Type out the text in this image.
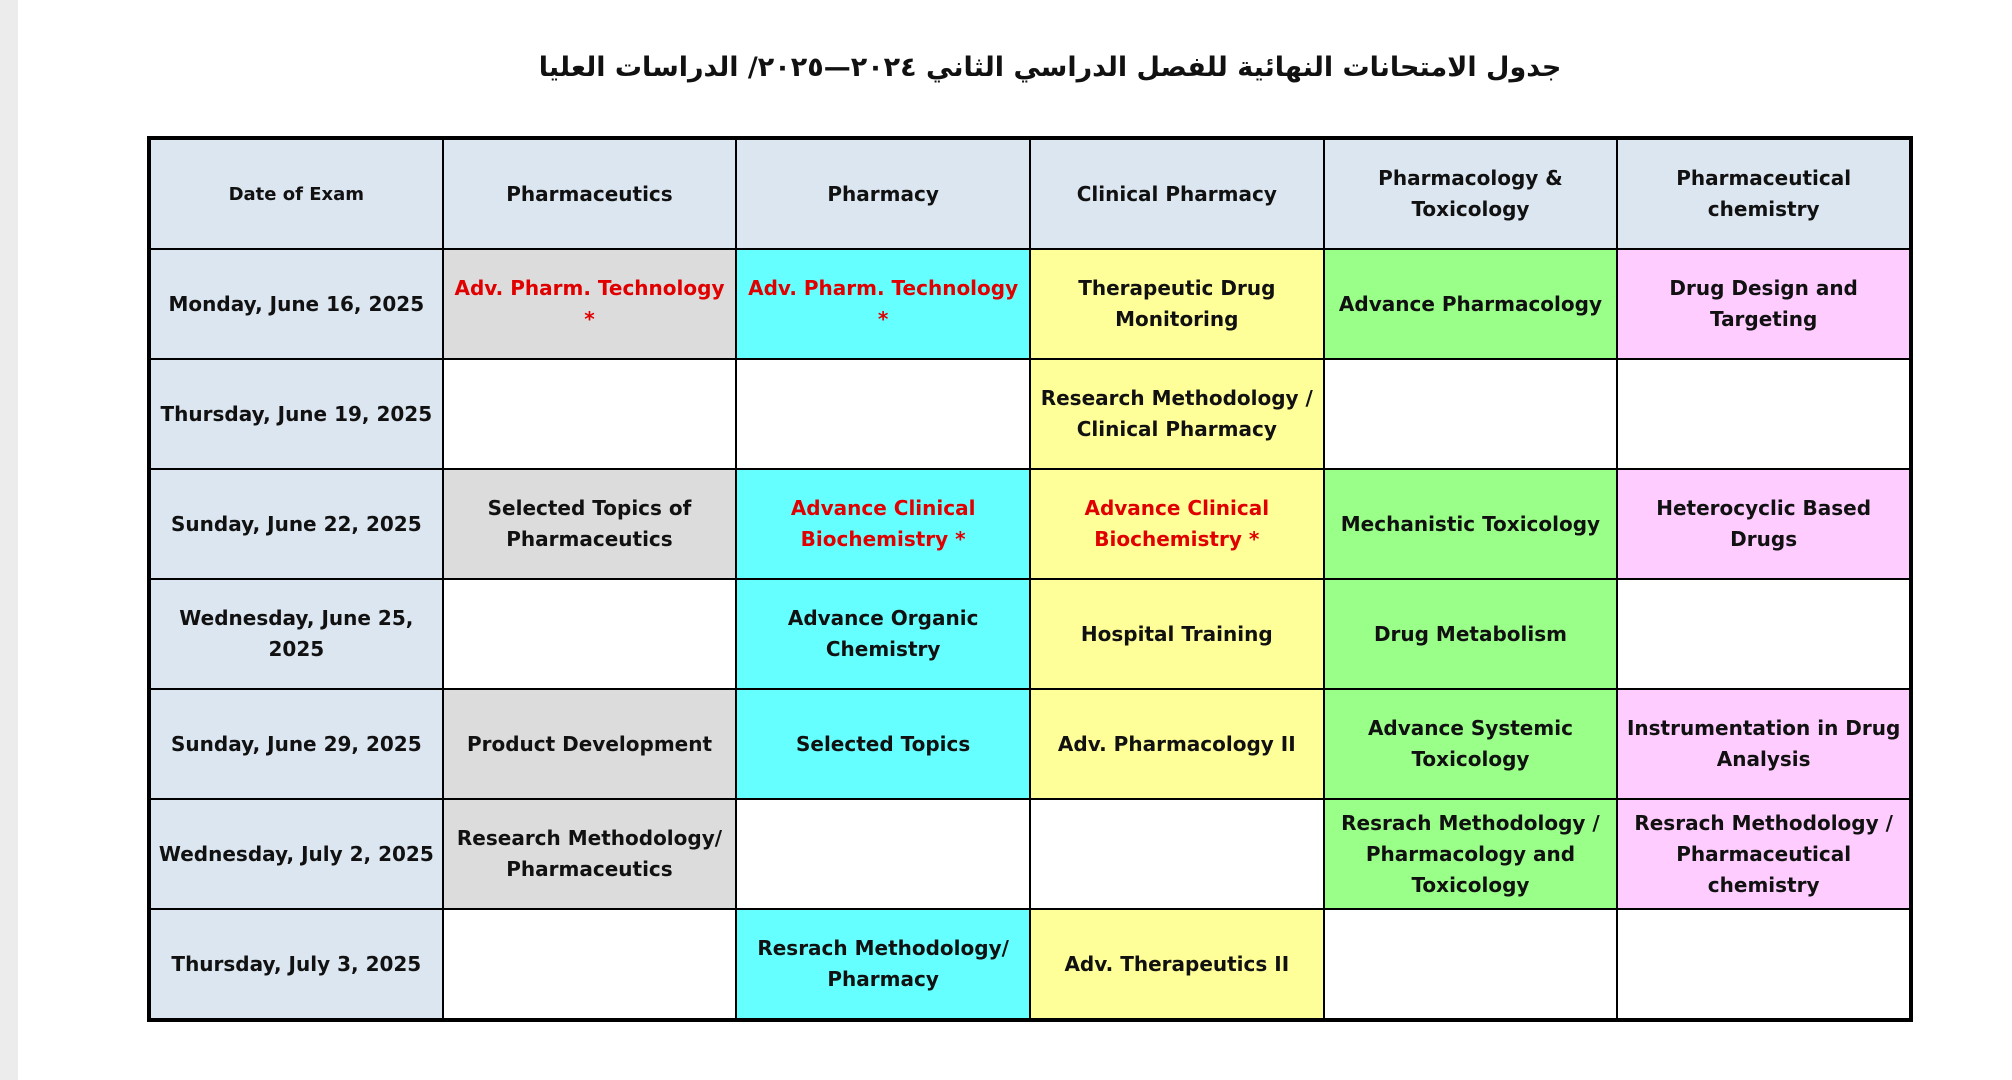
جدول الامتحانات النهائية للفصل الدراسي الثاني ٢٠٢٤—٢٠٢٥/ الدراسات العليا
Date of Exam	Pharmaceutics	Pharmacy	Clinical Pharmacy	Pharmacology & Toxicology	Pharmaceutical chemistry
Monday, June 16, 2025	Adv. Pharm. Technology *	Adv. Pharm. Technology *	Therapeutic Drug Monitoring	Advance Pharmacology	Drug Design and Targeting
Thursday, June 19, 2025			Research Methodology / Clinical Pharmacy		
Sunday, June 22, 2025	Selected Topics of Pharmaceutics	Advance Clinical Biochemistry *	Advance Clinical Biochemistry *	Mechanistic Toxicology	Heterocyclic Based Drugs
Wednesday, June 25, 2025		Advance Organic Chemistry	Hospital Training	Drug Metabolism	
Sunday, June 29, 2025	Product Development	Selected Topics	Adv. Pharmacology II	Advance Systemic Toxicology	Instrumentation in Drug Analysis
Wednesday, July 2, 2025	Research Methodology/ Pharmaceutics			Resrach Methodology / Pharmacology and Toxicology	Resrach Methodology / Pharmaceutical chemistry
Thursday, July 3, 2025		Resrach Methodology/ Pharmacy	Adv. Therapeutics II		
